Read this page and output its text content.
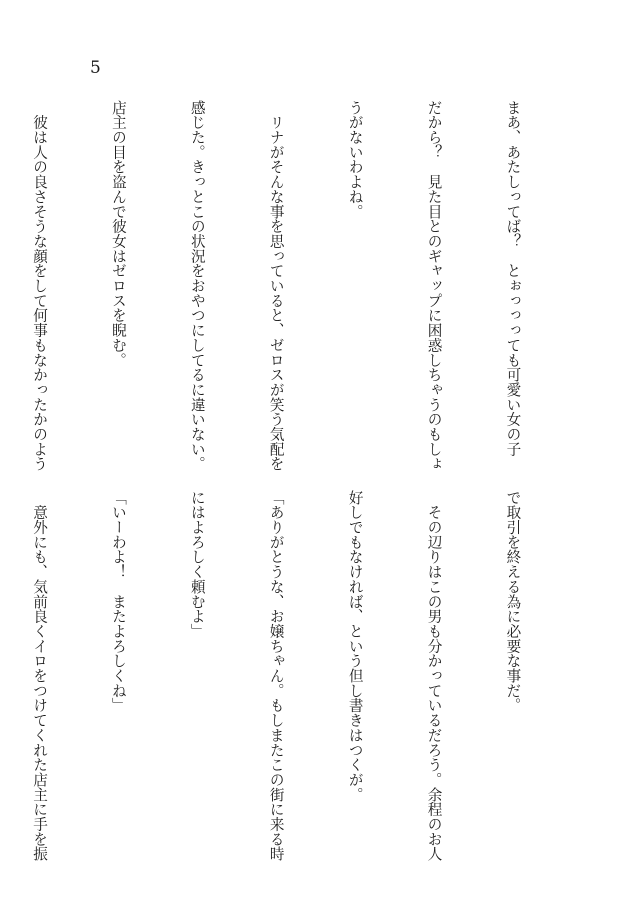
5

まあ、あたしってば？　とぉっっっても可愛い女の子

だから？　見た目とのギャップに困惑しちゃうのもしょ

うがないわよね。

　リナがそんな事を思っていると、ゼロスが笑う気配を

感じた。きっとこの状況をおやつにしてるに違いない。

店主の目を盗んで彼女はゼロスを睨む。

　彼は人の良さそうな顔をして何事もなかったかのよう

で取引を終える為に必要な事だ。

　その辺りはこの男も分かっているだろう。余程のお人

好しでもなければ、という但し書きはつくが。

「ありがとうな、お嬢ちゃん。もしまたこの街に来る時

にはよろしく頼むよ」

「いーわよ！　またよろしくね」

　意外にも、気前良くイロをつけてくれた店主に手を振
